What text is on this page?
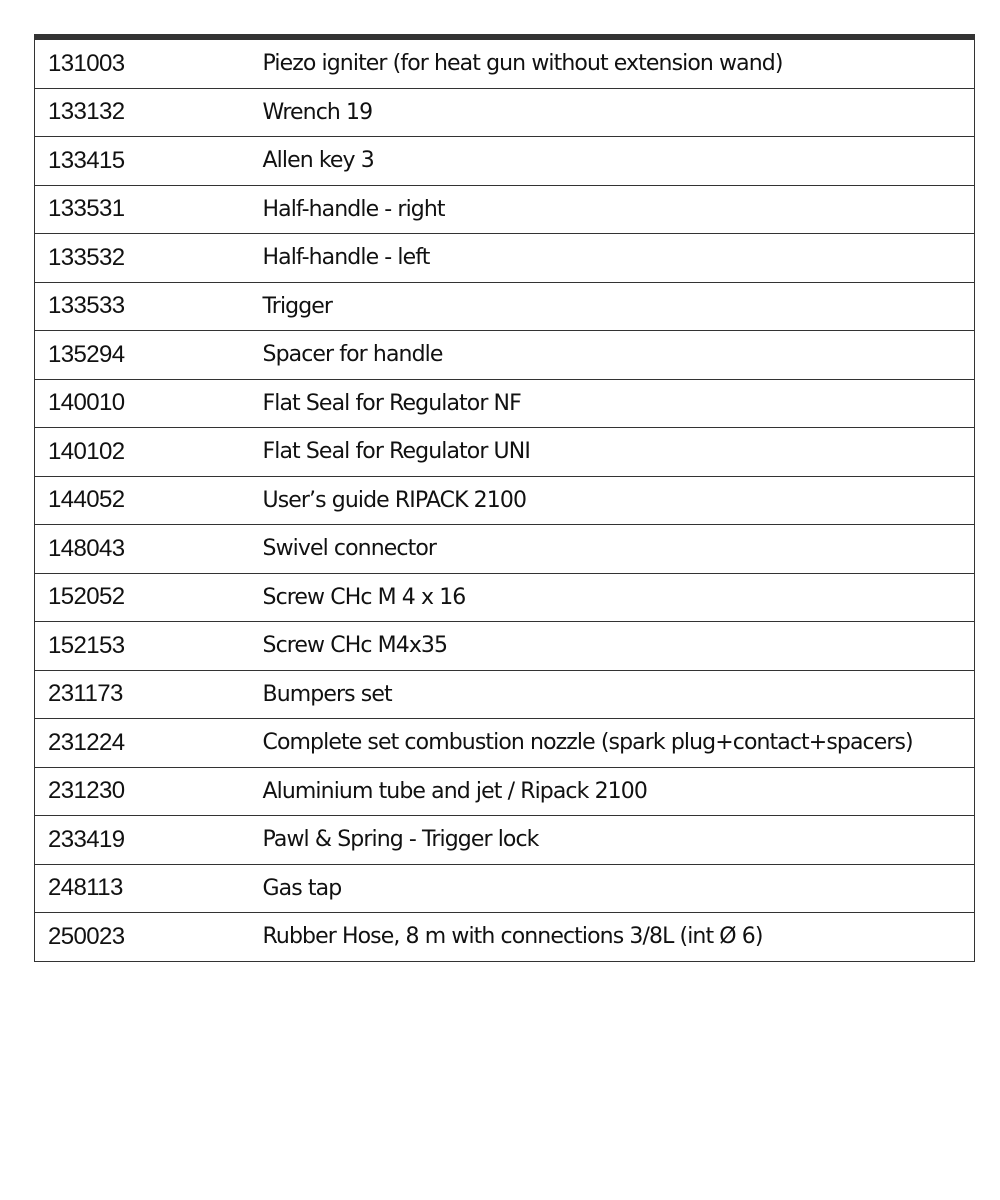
131003	Piezo igniter (for heat gun without extension wand)
133132	Wrench 19
133415	Allen key 3
133531	Half-handle - right
133532	Half-handle - left
133533	Trigger
135294	Spacer for handle
140010	Flat Seal for Regulator NF
140102	Flat Seal for Regulator UNI
144052	User’s guide RIPACK 2100
148043	Swivel connector
152052	Screw CHc M 4 x 16
152153	Screw CHc M4x35
231173	Bumpers set
231224	Complete set combustion nozzle (spark plug+contact+spacers)
231230	Aluminium tube and jet / Ripack 2100
233419	Pawl & Spring - Trigger lock
248113	Gas tap
250023	Rubber Hose, 8 m with connections 3/8L (int Ø 6)
